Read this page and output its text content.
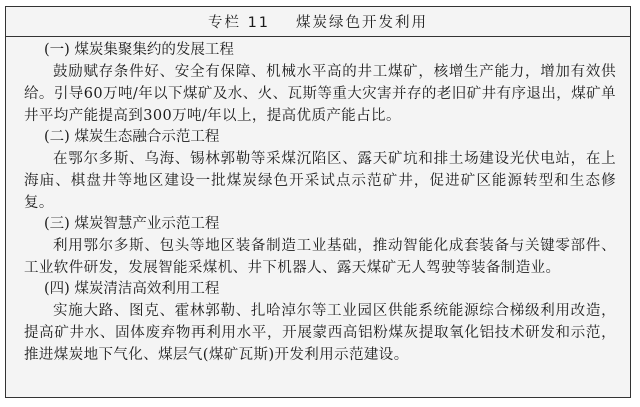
专栏 11 煤炭绿色开发利用
(一) 煤炭集聚集约的发展工程

鼓励赋存条件好、安全有保障、机械水平高的井工煤矿，核增生产能力，增加有效供给。引导60万吨/年以下煤矿及水、火、瓦斯等重大灾害并存的老旧矿井有序退出，煤矿单井平均产能提高到300万吨/年以上，提高优质产能占比。

(二) 煤炭生态融合示范工程

在鄂尔多斯、乌海、锡林郭勒等采煤沉陷区、露天矿坑和排土场建设光伏电站，在上海庙、棋盘井等地区建设一批煤炭绿色开采试点示范矿井，促进矿区能源转型和生态修复。

(三) 煤炭智慧产业示范工程

利用鄂尔多斯、包头等地区装备制造工业基础，推动智能化成套装备与关键零部件、工业软件研发，发展智能采煤机、井下机器人、露天煤矿无人驾驶等装备制造业。

(四) 煤炭清洁高效利用工程

实施大路、图克、霍林郭勒、扎哈淖尔等工业园区供能系统能源综合梯级利用改造，提高矿井水、固体废弃物再利用水平，开展蒙西高铝粉煤灰提取氧化铝技术研发和示范，推进煤炭地下气化、煤层气(煤矿瓦斯)开发利用示范建设。
